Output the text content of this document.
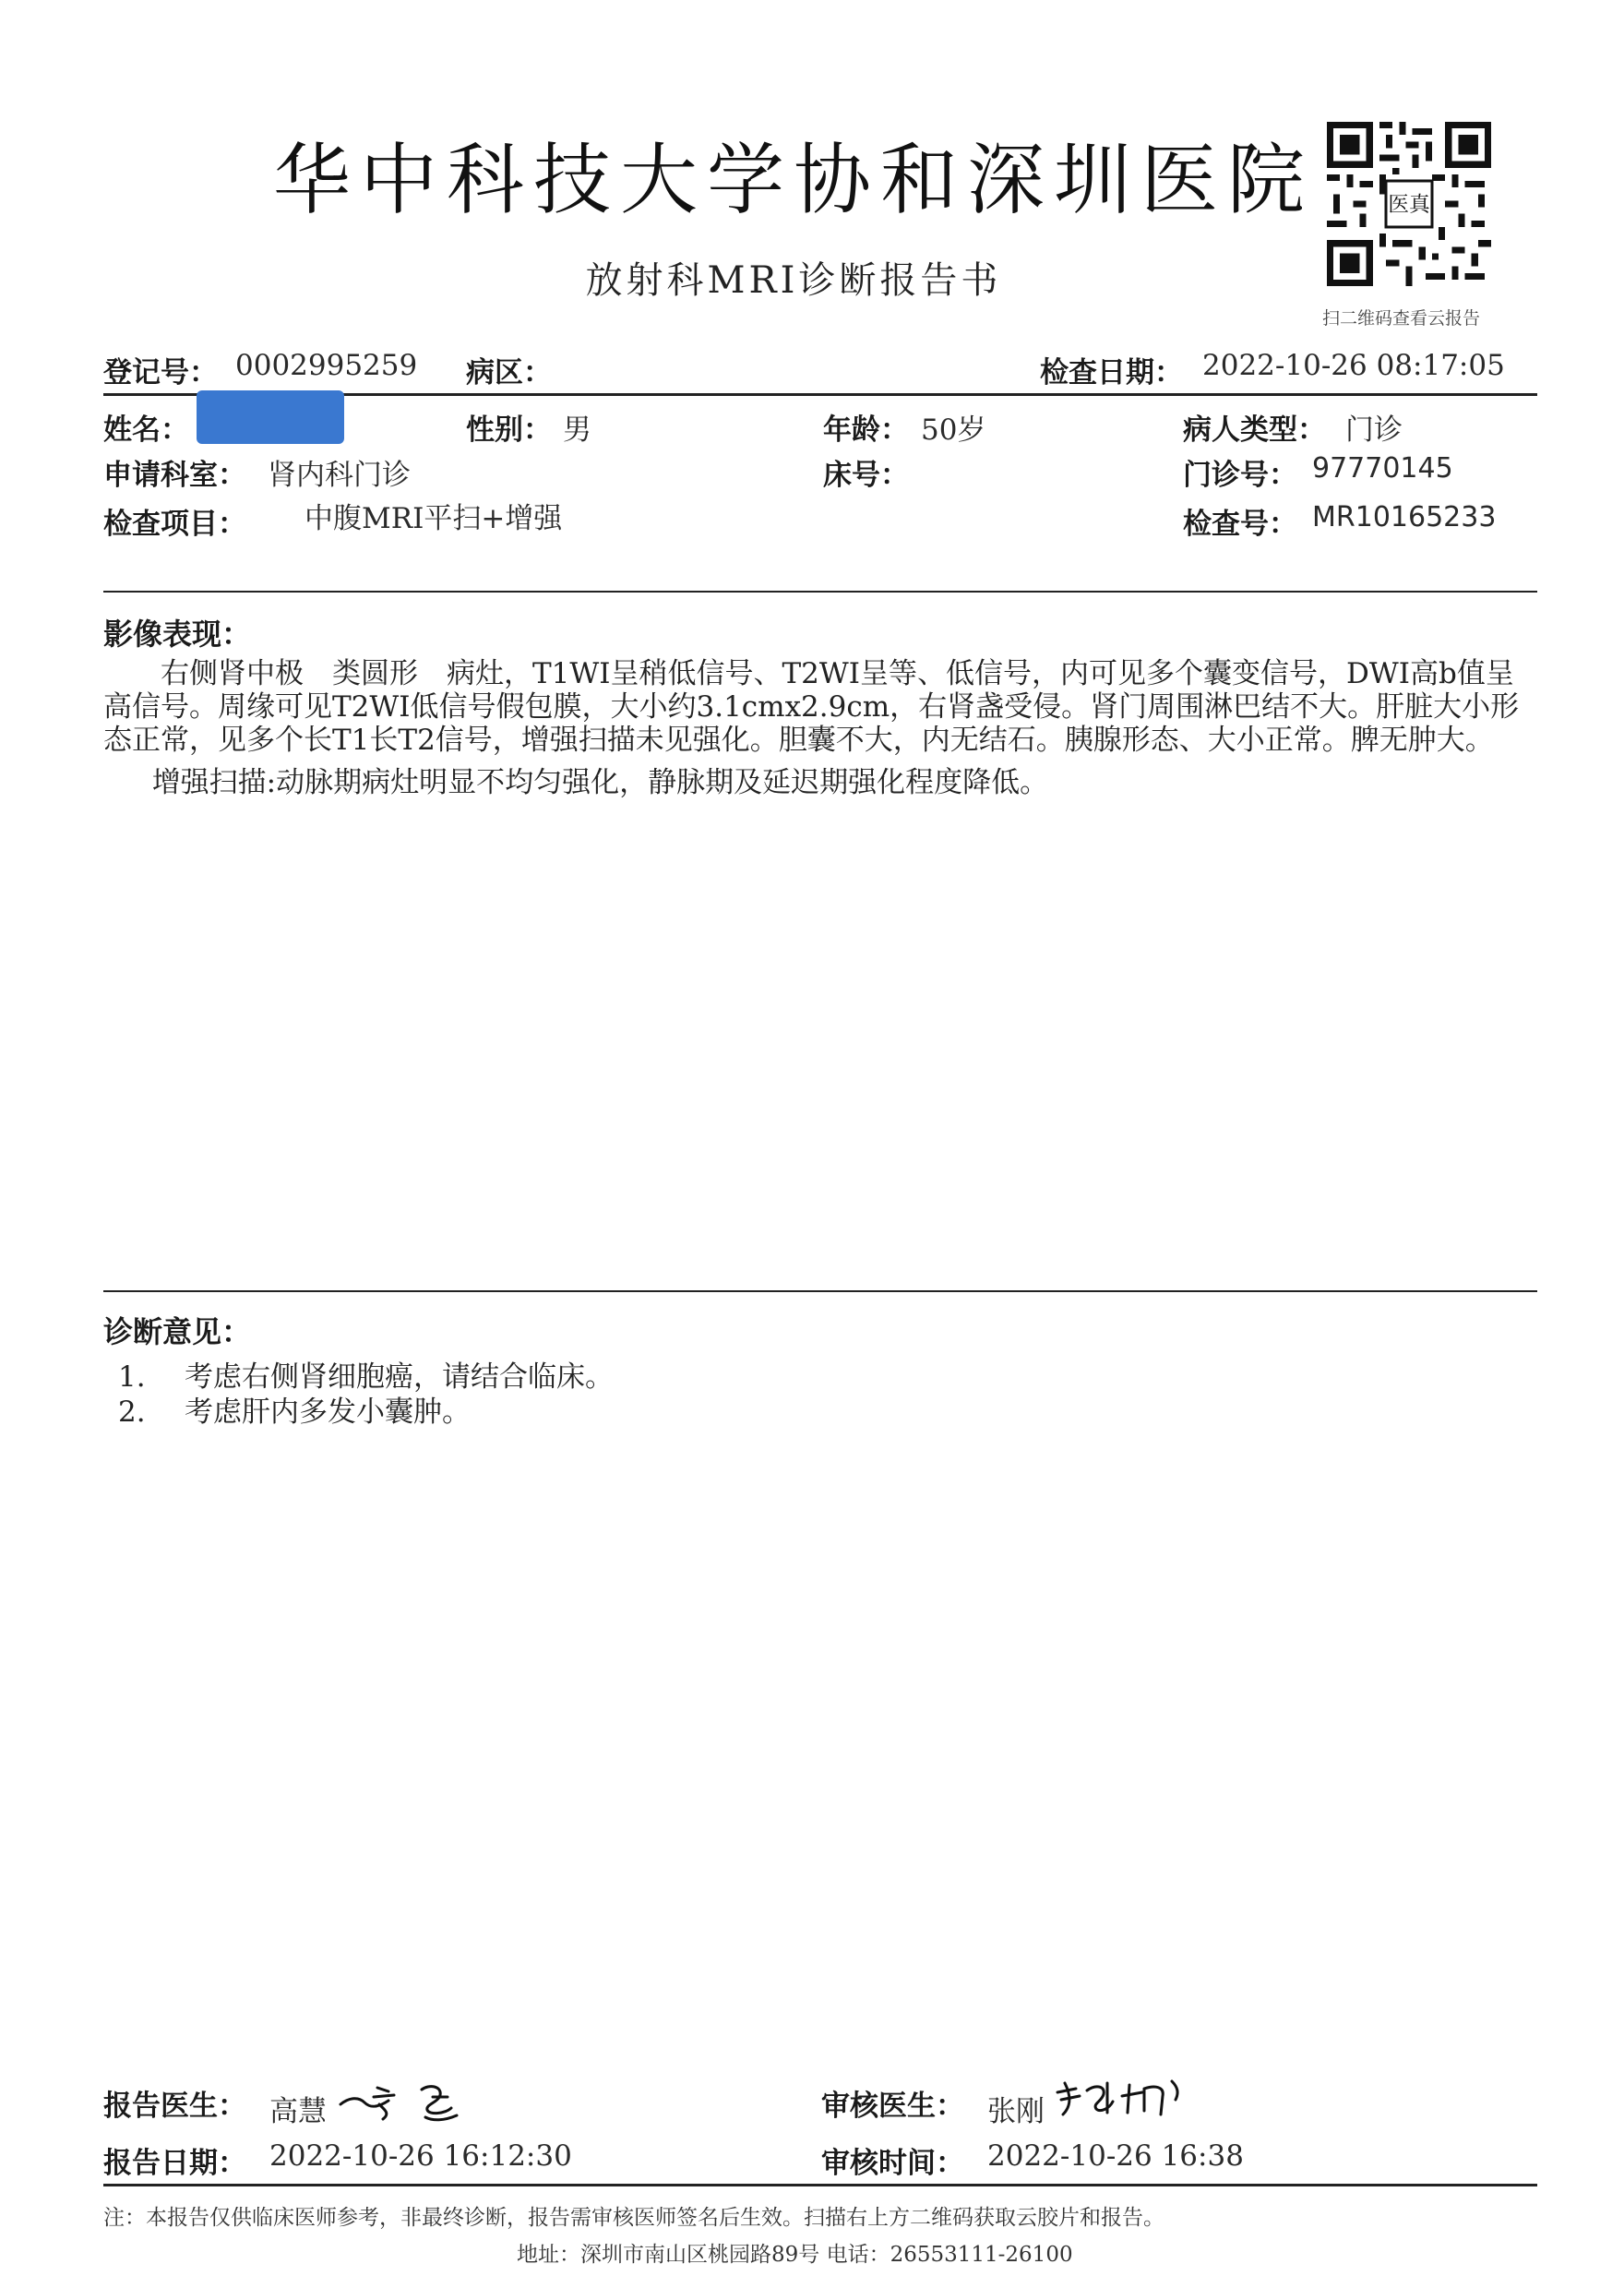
华中科技大学协和深圳医院
放射科MRI诊断报告书
医真
扫二维码查看云报告
登记号： 0002995259 病区：	检查日期： 2022-10-26 08:17:05
姓名：	性别： 男	年龄： 50岁	病人类型： 门诊
申请科室： 肾内科门诊	床号：	门诊号： 97770145
检查项目： 中腹MRI平扫+增强	检查号： MR10165233
影像表现：

右侧肾中极　类圆形　病灶，T1WI呈稍低信号、T2WI呈等、低信号，内可见多个囊变信号，DWI高b值呈高信号。周缘可见T2WI低信号假包膜，大小约3.1cmx2.9cm，右肾盏受侵。肾门周围淋巴结不大。肝脏大小形态正常，见多个长T1长T2信号，增强扫描未见强化。胆囊不大，内无结石。胰腺形态、大小正常。脾无肿大。

增强扫描:动脉期病灶明显不均匀强化，静脉期及延迟期强化程度降低。

诊断意见：
1. 考虑右侧肾细胞癌，请结合临床。
2. 考虑肝内多发小囊肿。
报告医生： 高慧	审核医生： 张刚
报告日期： 2022-10-26 16:12:30	审核时间： 2022-10-26 16:38
注：本报告仅供临床医师参考，非最终诊断，报告需审核医师签名后生效。扫描右上方二维码获取云胶片和报告。
地址：深圳市南山区桃园路89号 电话：26553111-26100
